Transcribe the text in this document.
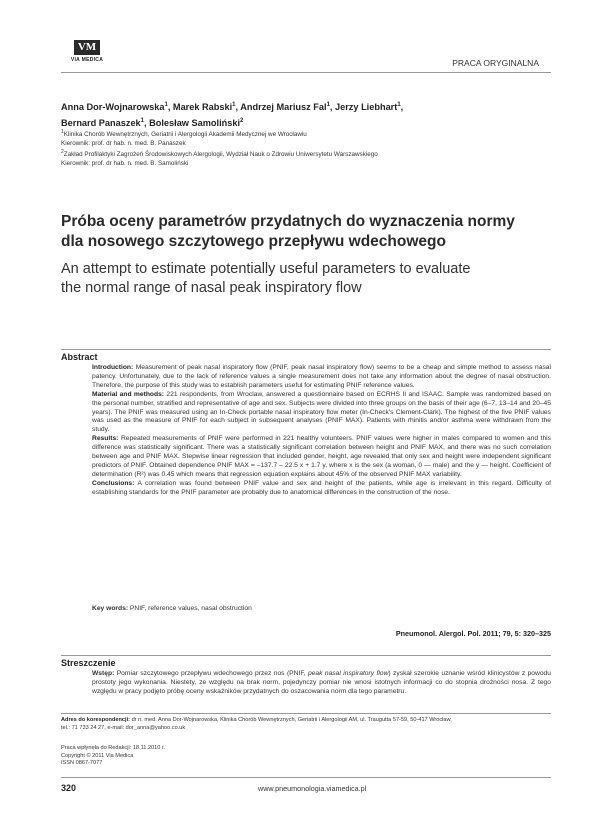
VM
VIA MEDICA	PRACA ORYGINALNA
Anna Dor-Wojnarowska$^1$, Marek Rabski$^1$, Andrzej Mariusz Fal$^1$, Jerzy Liebhart$^1$,
Bernard Panaszek$^1$, Bolesław Samoliński$^2$
$^1$Klinika Chorób Wewnętrznych, Geriatrii i Alergologii Akademii Medycznej we Wrocławiu
Kierownik: prof. dr hab. n. med. B. Panaszek
$^2$Zakład Profilaktyki Zagrożeń Środowiskowych Alergologii, Wydział Nauk o Zdrowiu Uniwersytetu Warszawskiego
Kierownik: prof. dr hab. n. med. B. Samoliński
Próba oceny parametrów przydatnych do wyznaczenia normy
dla nosowego szczytowego przepływu wdechowego
An attempt to estimate potentially useful parameters to evaluate
the normal range of nasal peak inspiratory flow
Abstract

Introduction: Measurement of peak nasal inspiratory flow (PNIF, peak nasal inspiratory flow) seems to be a cheap and simple method to assess nasal patency. Unfortunately, due to the lack of reference values a single measurement does not take any information about the degree of nasal obstruction. Therefore, the purpose of this study was to establish parameters useful for estimating PNIF reference values.

Material and methods: 221 respondents, from Wroclaw, answered a questionnaire based on ECRHS II and ISAAC. Sample was randomized based on the personal number, stratified and representative of age and sex. Subjects were divided into three groups on the basis of their age (6–7, 13–14 and 20–45 years). The PNIF was measured using an In-Check portable nasal inspiratory flow meter (In-Check's Clement-Clark). The highest of the five PNIF values was used as the measure of PNIF for each subject in subsequent analyses (PNIF MAX). Patients with rhinitis and/or asthma were withdrawn from the study.

Results: Repeated measurements of PNIF were performed in 221 healthy volunteers. PNIF values were higher in males compared to women and this difference was statistically significant. There was a statistically significant correlation between height and PNIF MAX, and there was no such correlation between age and PNIF MAX. Stepwise linear regression that included gender, height, age revealed that only sex and height were independent significant predictors of PNIF. Obtained dependence PNIF MAX = –137.7 – 22.5 x + 1.7 y, where x is the sex (a woman, 0 — male) and the y — height. Coefficient of determination (R²) was 0.45 which means that regression equation explains about 45% of the observed PNIF MAX variability.

Conclusions: A correlation was found between PNIF value and sex and height of the patients, while age is irrelevant in this regard. Difficulty of establishing standards for the PNIF parameter are probably due to anatomical differences in the construction of the nose.

Key words: PNIF, reference values, nasal obstruction
Pneumonol. Alergol. Pol. 2011; 79, 5: 320–325
Streszczenie
Wstęp: Pomiar szczytowego przepływu wdechowego przez nos (PNIF, peak nasal inspiratory flow) zyskał szerokie uznanie wśród klinicystów z powodu prostoty jego wykonania. Niestety, ze względu na brak norm, pojedynczy pomiar nie wnosi istotnych informacji co do stopnia drożności nosa. Z tego względu w pracy podjęto próbę oceny wskaźników przydatnych do oszacowania norm dla tego parametru.
Adres do korespondencji: dr n. med. Anna Dor-Wojnarowska, Klinika Chorób Wewnętrznych, Geriatrii i Alergologii AM, ul. Traugutta 57-59, 50-417 Wrocław,
tel.: 71 733 24 27, e-mail: dor_anna@yahoo.co.uk
Praca wpłynęła do Redakcji: 18.11.2010 r.
Copyright © 2011 Via Medica
ISSN 0867-7077
320	www.pneumonologia.viamedica.pl
